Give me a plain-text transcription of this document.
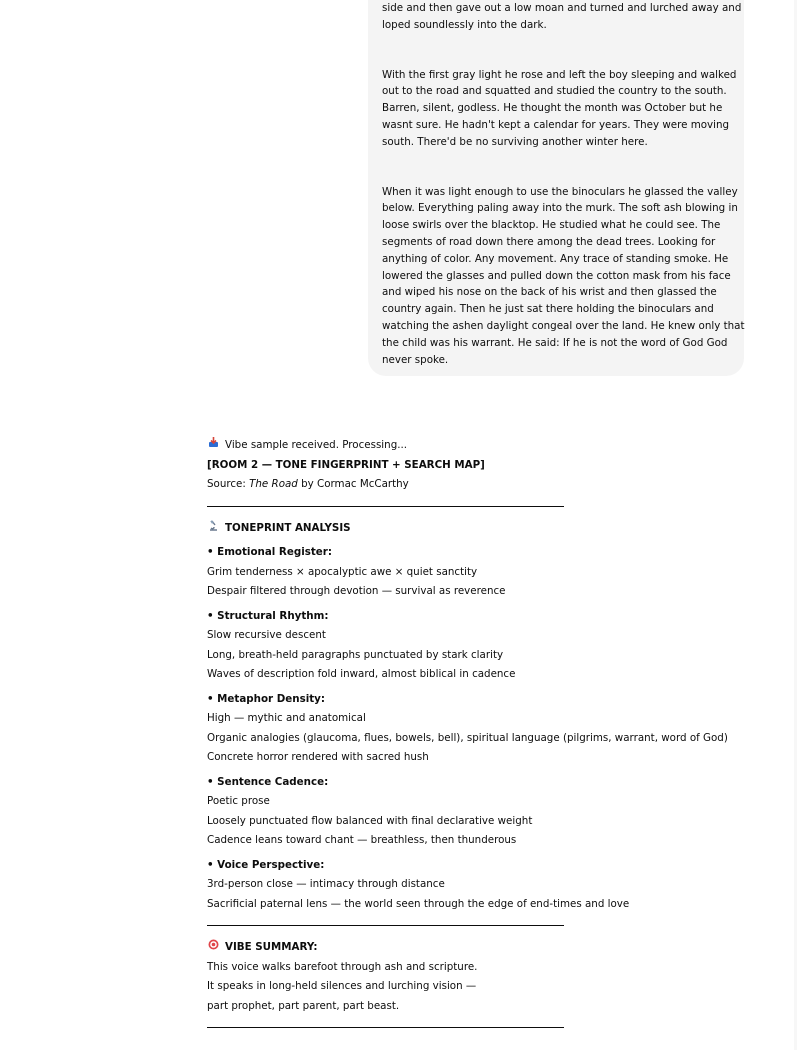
side and then gave out a low moan and turned and lurched away and
loped soundlessly into the dark.

With the first gray light he rose and left the boy sleeping and walked
out to the road and squatted and studied the country to the south.
Barren, silent, godless. He thought the month was October but he
wasnt sure. He hadn't kept a calendar for years. They were moving
south. There'd be no surviving another winter here.

When it was light enough to use the binoculars he glassed the valley
below. Everything paling away into the murk. The soft ash blowing in
loose swirls over the blacktop. He studied what he could see. The
segments of road down there among the dead trees. Looking for
anything of color. Any movement. Any trace of standing smoke. He
lowered the glasses and pulled down the cotton mask from his face
and wiped his nose on the back of his wrist and then glassed the
country again. Then he just sat there holding the binoculars and
watching the ashen daylight congeal over the land. He knew only that
the child was his warrant. He said: If he is not the word of God God
never spoke.

Vibe sample received. Processing...
[ROOM 2 — TONE FINGERPRINT + SEARCH MAP]
Source: The Road by Cormac McCarthy
TONEPRINT ANALYSIS
• Emotional Register:
Grim tenderness × apocalyptic awe × quiet sanctity
Despair filtered through devotion — survival as reverence
• Structural Rhythm:
Slow recursive descent
Long, breath-held paragraphs punctuated by stark clarity
Waves of description fold inward, almost biblical in cadence
• Metaphor Density:
High — mythic and anatomical
Organic analogies (glaucoma, flues, bowels, bell), spiritual language (pilgrims, warrant, word of God)
Concrete horror rendered with sacred hush
• Sentence Cadence:
Poetic prose
Loosely punctuated flow balanced with final declarative weight
Cadence leans toward chant — breathless, then thunderous
• Voice Perspective:
3rd-person close — intimacy through distance
Sacrificial paternal lens — the world seen through the edge of end-times and love
VIBE SUMMARY:
This voice walks barefoot through ash and scripture.
It speaks in long-held silences and lurching vision —
part prophet, part parent, part beast.
